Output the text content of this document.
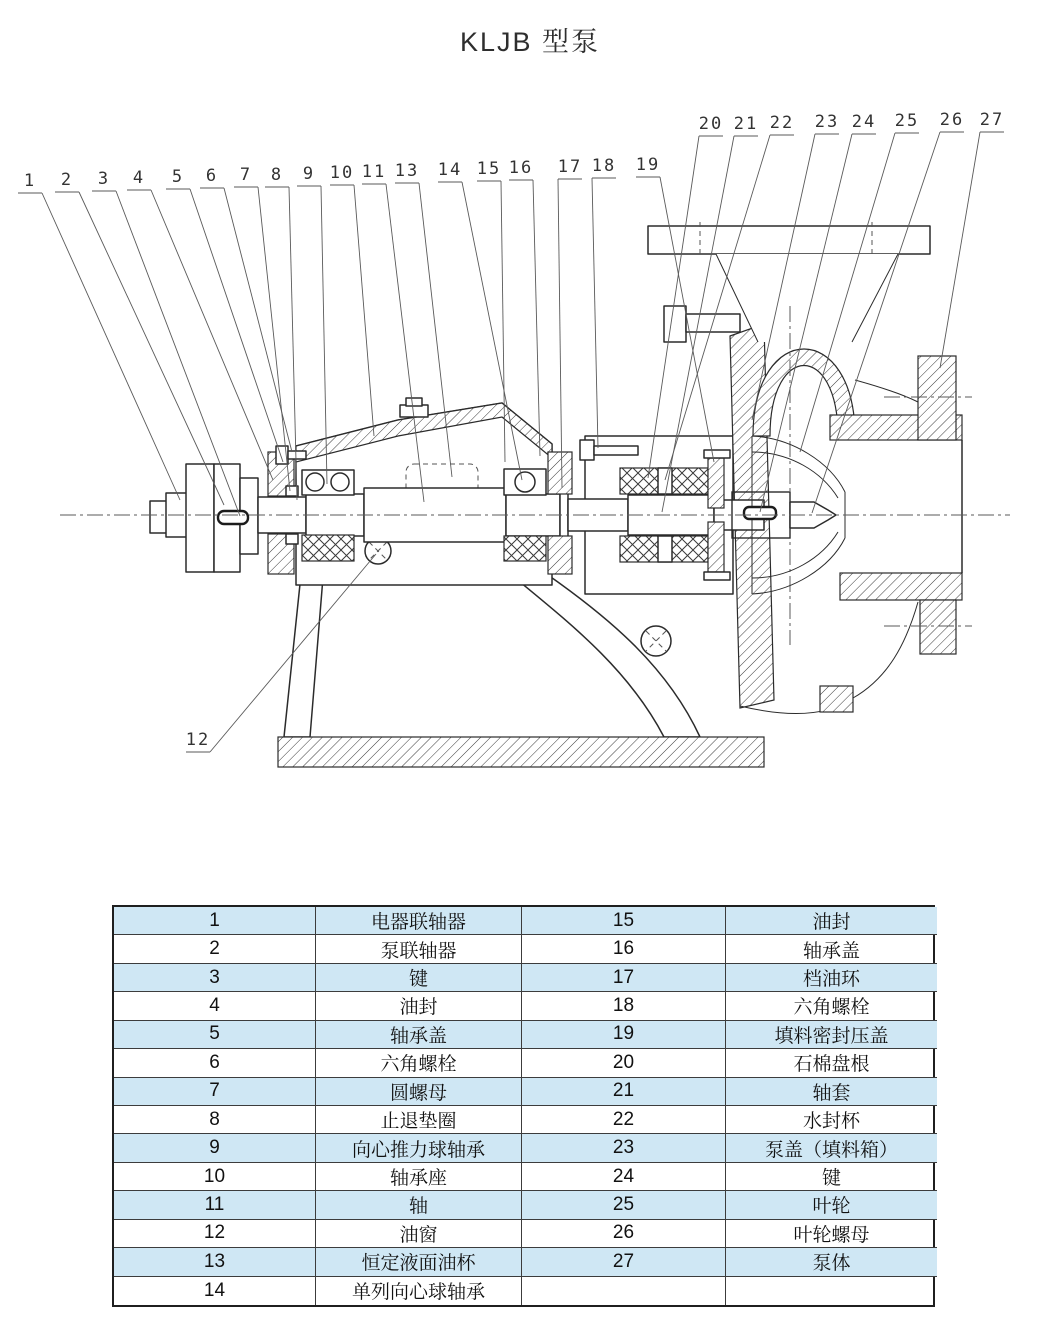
KLJB 型泵
1 2 3 4 5 6 7 8 9 10 11 13 14 15 16 17 18 19
20 21 22 23 24 25 26 27
12
1	电器联轴器	15	油封
2	泵联轴器	16	轴承盖
3	键	17	档油环
4	油封	18	六角螺栓
5	轴承盖	19	填料密封压盖
6	六角螺栓	20	石棉盘根
7	圆螺母	21	轴套
8	止退垫圈	22	水封杯
9	向心推力球轴承	23	泵盖（填料箱）
10	轴承座	24	键
11	轴	25	叶轮
12	油窗	26	叶轮螺母
13	恒定液面油杯	27	泵体
14	单列向心球轴承
